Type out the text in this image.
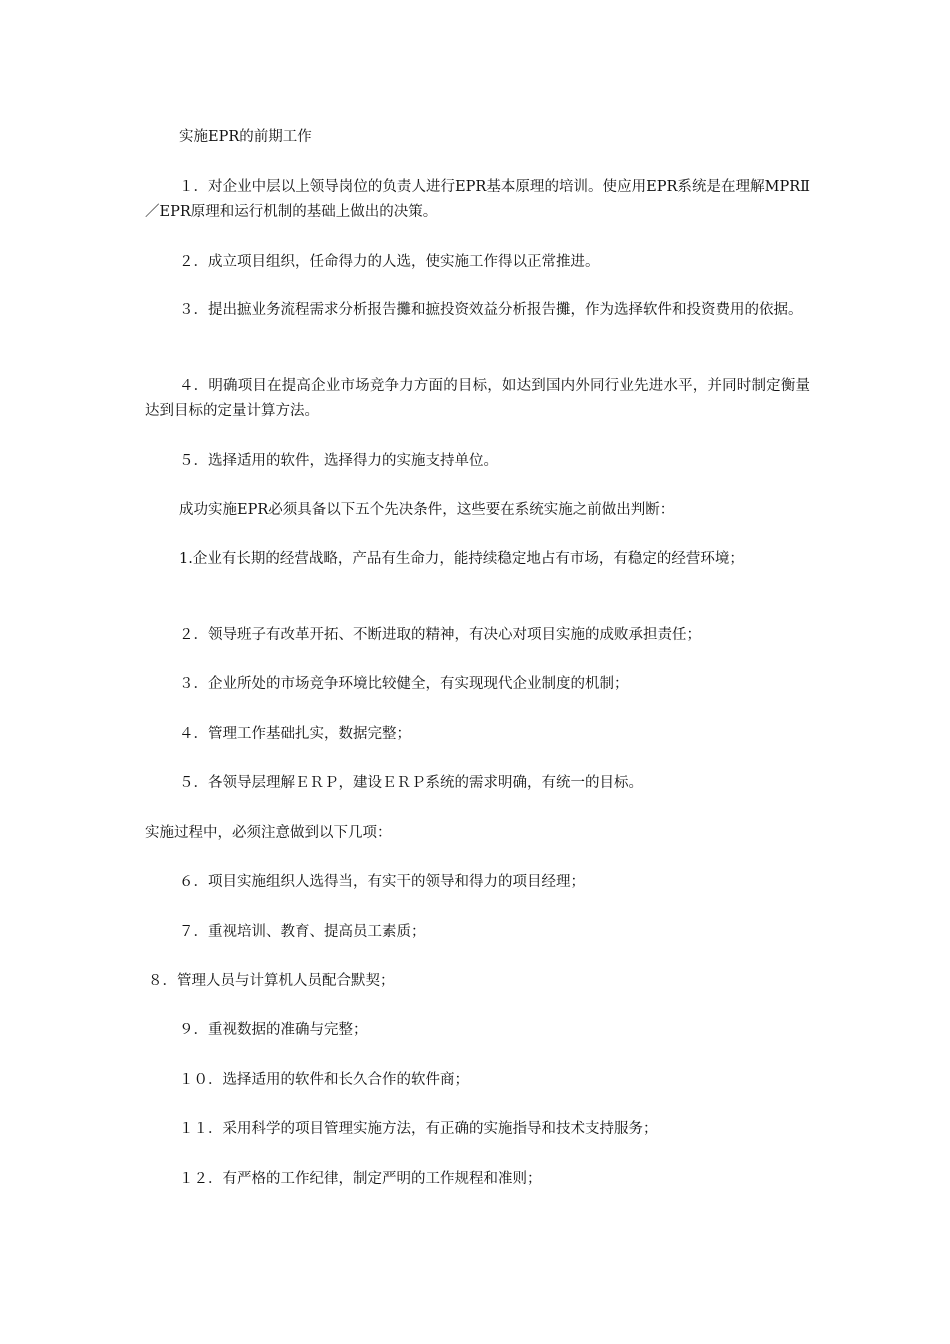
实施EPR的前期工作

１．对企业中层以上领导岗位的负责人进行EPR基本原理的培训。使应用EPR系统是在理解MPRⅡ／EPR原理和运行机制的基础上做出的决策。

２．成立项目组织，任命得力的人选，使实施工作得以正常推进。

３．提出摭业务流程需求分析报告攤和摭投资效益分析报告攤，作为选择软件和投资费用的依据。

４．明确项目在提高企业市场竞争力方面的目标，如达到国内外同行业先进水平，并同时制定衡量达到目标的定量计算方法。

５．选择适用的软件，选择得力的实施支持单位。

成功实施EPR必须具备以下五个先决条件，这些要在系统实施之前做出判断：

1.企业有长期的经营战略，产品有生命力，能持续稳定地占有市场，有稳定的经营环境；

２．领导班子有改革开拓、不断进取的精神，有决心对项目实施的成败承担责任；

３．企业所处的市场竞争环境比较健全，有实现现代企业制度的机制；

４．管理工作基础扎实，数据完整；

５．各领导层理解ＥＲＰ，建设ＥＲＰ系统的需求明确，有统一的目标。

实施过程中，必须注意做到以下几项：

６．项目实施组织人选得当，有实干的领导和得力的项目经理；

７．重视培训、教育、提高员工素质；

８．管理人员与计算机人员配合默契；

９．重视数据的准确与完整；

１０．选择适用的软件和长久合作的软件商；

１１．采用科学的项目管理实施方法，有正确的实施指导和技术支持服务；

１２．有严格的工作纪律，制定严明的工作规程和准则；
